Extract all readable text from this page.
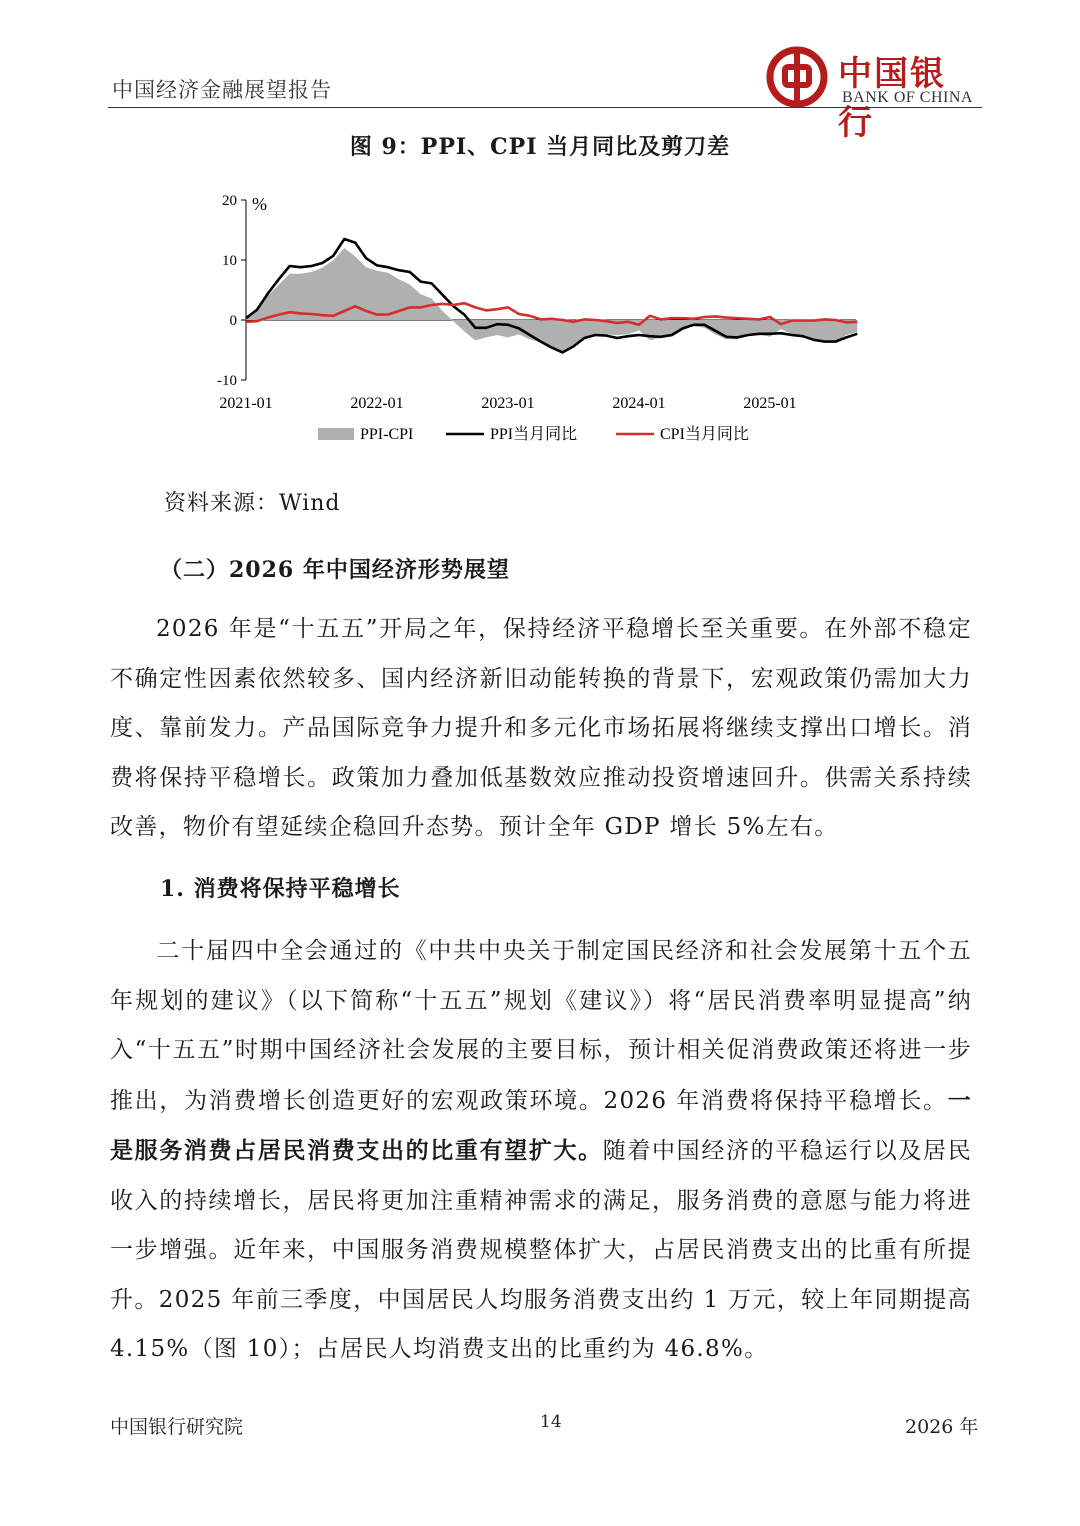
中国经济金融展望报告	中国银行
BANK OF CHINA
图 9：PPI、CPI 当月同比及剪刀差
20
10
0
-10
%
2021-01	2022-01	2023-01	2024-01	2025-01
PPI-CPI	PPI当月同比	CPI当月同比
资料来源：Wind
（二）2026 年中国经济形势展望

2026 年是“十五五”开局之年，保持经济平稳增长至关重要。在外部不稳定不确定性因素依然较多、国内经济新旧动能转换的背景下，宏观政策仍需加大力度、靠前发力。产品国际竞争力提升和多元化市场拓展将继续支撑出口增长。消费将保持平稳增长。政策加力叠加低基数效应推动投资增速回升。供需关系持续改善，物价有望延续企稳回升态势。预计全年 GDP 增长 5%左右。

1. 消费将保持平稳增长

二十届四中全会通过的《中共中央关于制定国民经济和社会发展第十五个五年规划的建议》（以下简称“十五五”规划《建议》）将“居民消费率明显提高”纳入“十五五”时期中国经济社会发展的主要目标，预计相关促消费政策还将进一步推出，为消费增长创造更好的宏观政策环境。2026 年消费将保持平稳增长。一是服务消费占居民消费支出的比重有望扩大。随着中国经济的平稳运行以及居民收入的持续增长，居民将更加注重精神需求的满足，服务消费的意愿与能力将进一步增强。近年来，中国服务消费规模整体扩大，占居民消费支出的比重有所提升。2025 年前三季度，中国居民人均服务消费支出约 1 万元，较上年同期提高 4.15%（图 10）；占居民人均消费支出的比重约为 46.8%。

中国银行研究院	14	2026 年
